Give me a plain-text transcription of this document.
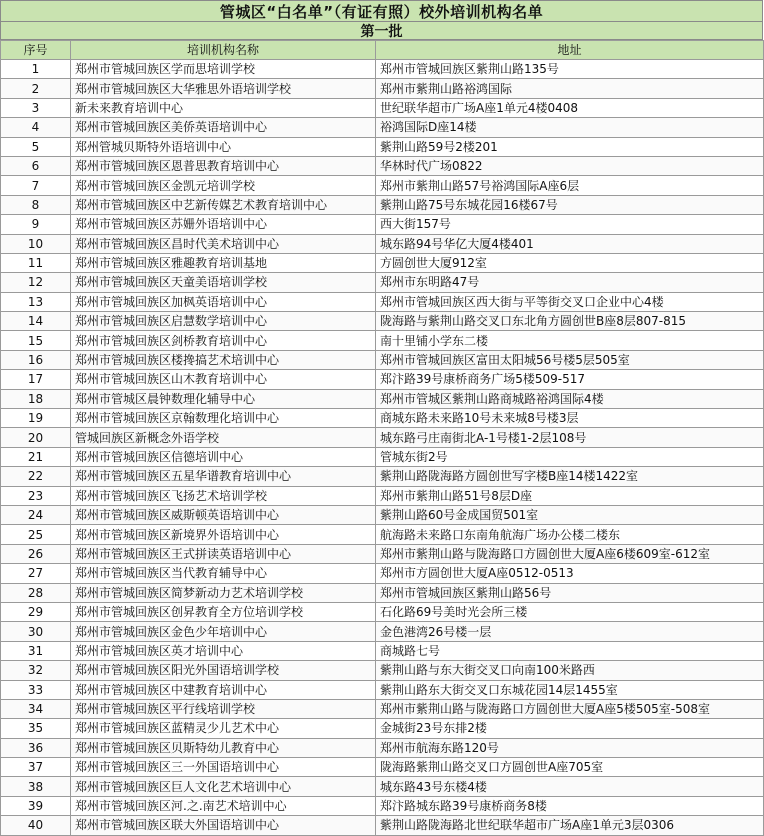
管城区“白名单”（有证有照）校外培训机构名单
第一批
序号	培训机构名称	地址
1	郑州市管城回族区学而思培训学校	郑州市管城回族区紫荆山路135号
2	郑州市管城回族区大华雅思外语培训学校	郑州市紫荆山路裕鸿国际
3	新未来教育培训中心	世纪联华超市广场A座1单元4楼0408
4	郑州市管城回族区美侨英语培训中心	裕鸿国际D座14楼
5	郑州管城贝斯特外语培训中心	紫荆山路59号2楼201
6	郑州市管城回族区恩普思教育培训中心	华林时代广场0822
7	郑州市管城回族区金凯元培训学校	郑州市紫荆山路57号裕鸿国际A座6层
8	郑州市管城回族区中艺新传媒艺术教育培训中心	紫荆山路75号东城花园16楼67号
9	郑州市管城回族区苏姗外语培训中心	西大街157号
10	郑州市管城回族区昌时代美术培训中心	城东路94号华亿大厦4楼401
11	郑州市管城回族区雅趣教育培训基地	方圆创世大厦912室
12	郑州市管城回族区天童美语培训学校	郑州市东明路47号
13	郑州市管城回族区加枫英语培训中心	郑州市管城回族区西大街与平等街交叉口企业中心4楼
14	郑州市管城回族区启慧数学培训中心	陇海路与紫荆山路交叉口东北角方圆创世B座8层807-815
15	郑州市管城回族区剑桥教育培训中心	南十里铺小学东二楼
16	郑州市管城回族区楼搀搞艺术培训中心	郑州市管城回族区富田太阳城56号楼5层505室
17	郑州市管城回族区山木教育培训中心	郑汴路39号康桥商务广场5楼509-517
18	郑州市管城区晨钟数理化辅导中心	郑州市管城区紫荆山路商城路裕鸿国际4楼
19	郑州市管城回族区京翰数理化培训中心	商城东路未来路10号未来城8号楼3层
20	管城回族区新概念外语学校	城东路弓庄南街北A-1号楼1-2层108号
21	郑州市管城回族区信德培训中心	管城东街2号
22	郑州市管城回族区五星华谱教育培训中心	紫荆山路陇海路方圆创世写字楼B座14楼1422室
23	郑州市管城回族区飞扬艺术培训学校	郑州市紫荆山路51号8层D座
24	郑州市管城回族区威斯顿英语培训中心	紫荆山路60号金成国贸501室
25	郑州市管城回族区新境界外语培训中心	航海路未来路口东南角航海广场办公楼二楼东
26	郑州市管城回族区王式拼读英语培训中心	郑州市紫荆山路与陇海路口方圆创世大厦A座6楼609室-612室
27	郑州市管城回族区当代教育辅导中心	郑州市方圆创世大厦A座0512-0513
28	郑州市管城回族区简梦新动力艺术培训学校	郑州市管城回族区紫荆山路56号
29	郑州市管城回族区创昇教育全方位培训学校	石化路69号美时光会所三楼
30	郑州市管城回族区金色少年培训中心	金色港湾26号楼一层
31	郑州市管城回族区英才培训中心	商城路七号
32	郑州市管城回族区阳光外国语培训学校	紫荆山路与东大街交叉口向南100米路西
33	郑州市管城回族区中建教育培训中心	紫荆山路东大街交叉口东城花园14层1455室
34	郑州市管城回族区平行线培训学校	郑州市紫荆山路与陇海路口方圆创世大厦A座5楼505室-508室
35	郑州市管城回族区蓝精灵少儿艺术中心	金城街23号东排2楼
36	郑州市管城回族区贝斯特幼儿教育中心	郑州市航海东路120号
37	郑州市管城回族区三一外国语培训中心	陇海路紫荆山路交叉口方圆创世A座705室
38	郑州市管城回族区巨人文化艺术培训中心	城东路43号东楼4楼
39	郑州市管城回族区河.之.南艺术培训中心	郑汴路城东路39号康桥商务8楼
40	郑州市管城回族区联大外国语培训中心	紫荆山路陇海路北世纪联华超市广场A座1单元3层0306
